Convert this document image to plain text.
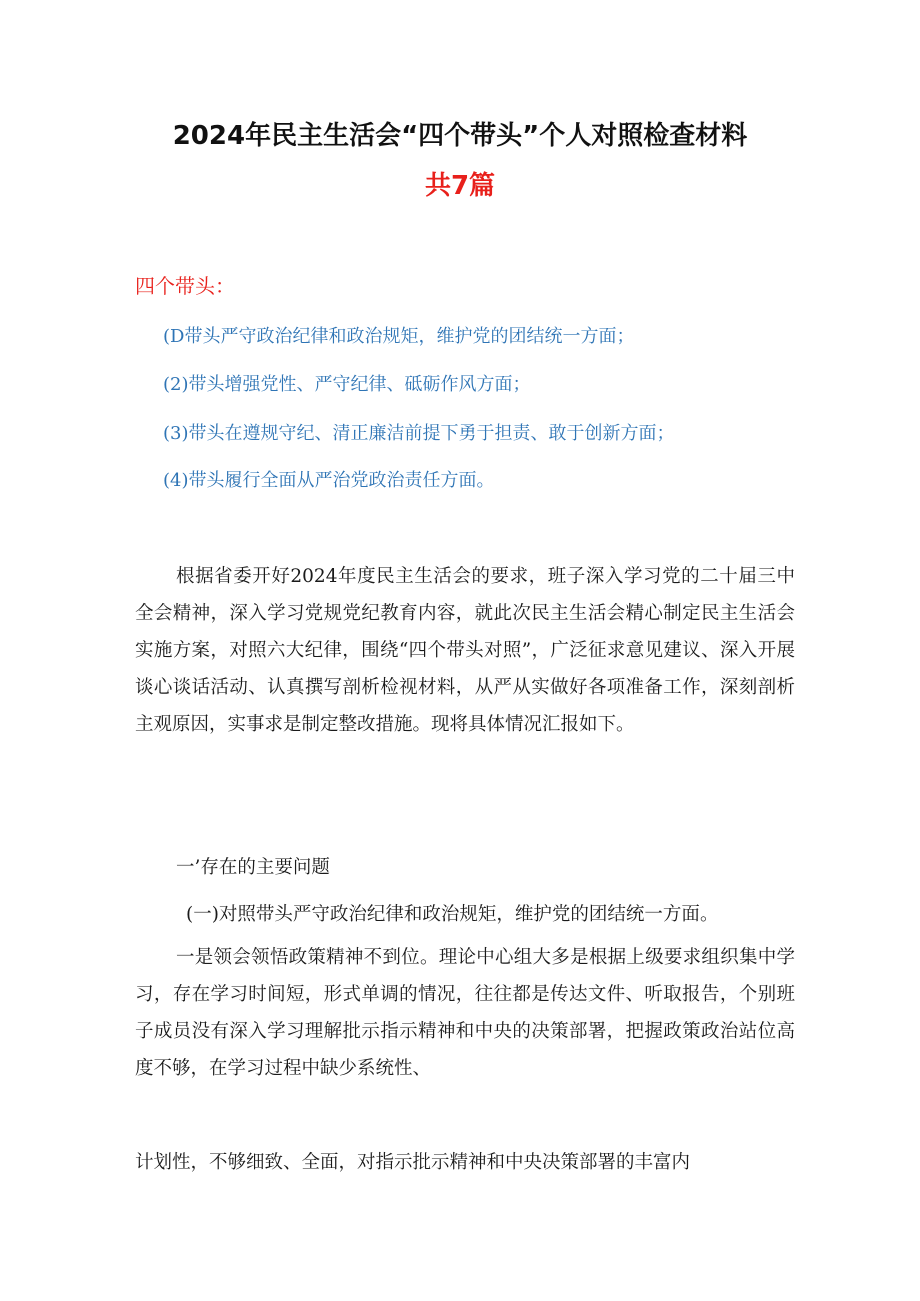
2024年民主生活会“四个带头”个人对照检查材料
共7篇

四个带头：

(D带头严守政治纪律和政治规矩，维护党的团结统一方面；

(2)带头增强党性、严守纪律、砥砺作风方面；

(3)带头在遵规守纪、清正廉洁前提下勇于担责、敢于创新方面；

(4)带头履行全面从严治党政治责任方面。

根据省委开好2024年度民主生活会的要求，班子深入学习党的二十届三中全会精神，深入学习党规党纪教育内容，就此次民主生活会精心制定民主生活会实施方案，对照六大纪律，围绕“四个带头对照”，广泛征求意见建议、深入开展谈心谈话活动、认真撰写剖析检视材料，从严从实做好各项准备工作，深刻剖析主观原因，实事求是制定整改措施。现将具体情况汇报如下。

一’存在的主要问题

(一)对照带头严守政治纪律和政治规矩，维护党的团结统一方面。

一是领会领悟政策精神不到位。理论中心组大多是根据上级要求组织集中学习，存在学习时间短，形式单调的情况，往往都是传达文件、听取报告，个别班子成员没有深入学习理解批示指示精神和中央的决策部署，把握政策政治站位高度不够，在学习过程中缺少系统性、

计划性，不够细致、全面，对指示批示精神和中央决策部署的丰富内
